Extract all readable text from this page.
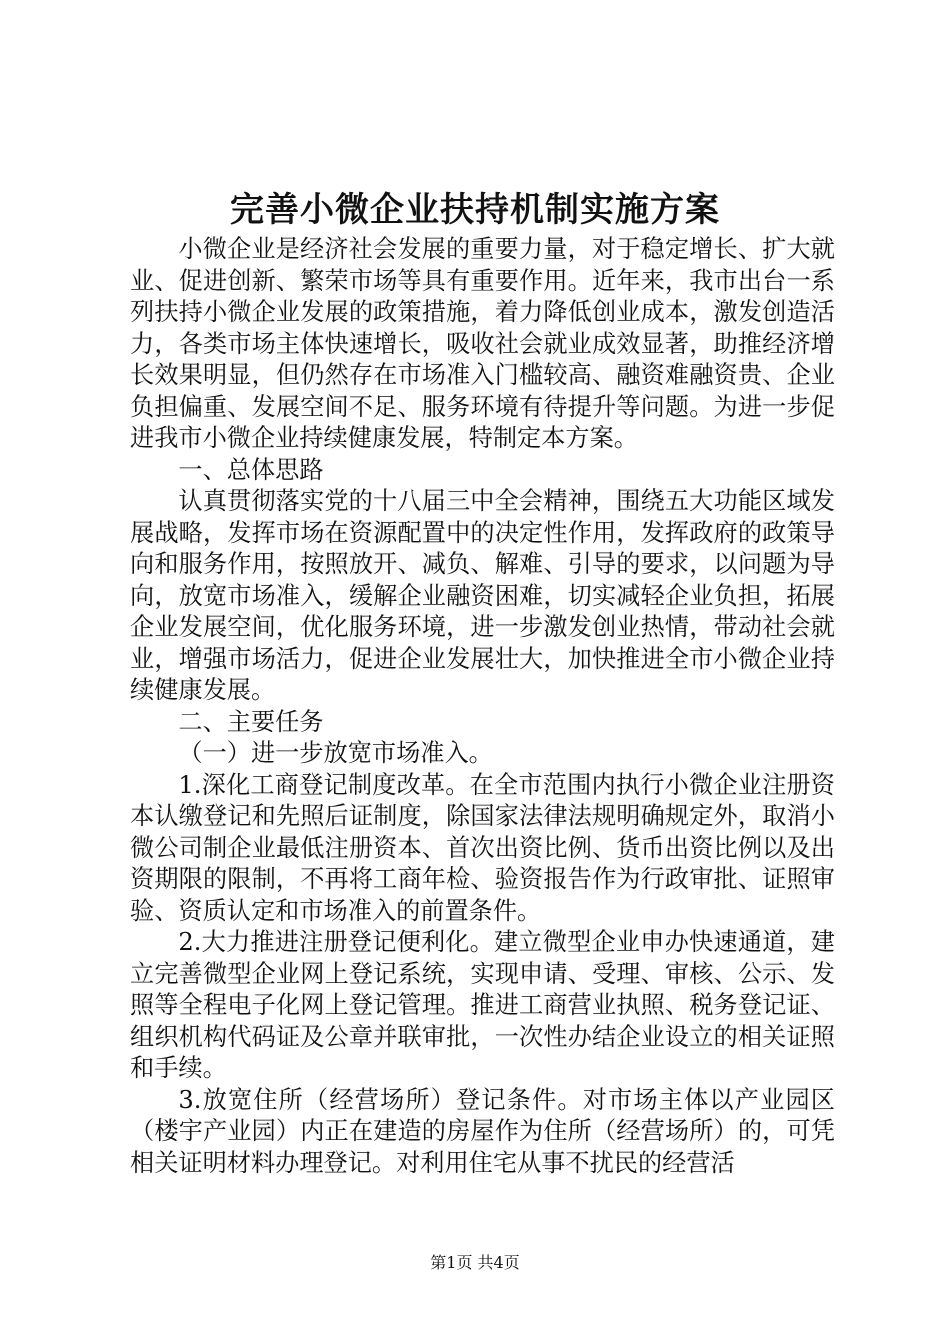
完善小微企业扶持机制实施方案

小微企业是经济社会发展的重要力量，对于稳定增长、扩大就业、促进创新、繁荣市场等具有重要作用。近年来，我市出台一系列扶持小微企业发展的政策措施，着力降低创业成本，激发创造活力，各类市场主体快速增长，吸收社会就业成效显著，助推经济增长效果明显，但仍然存在市场准入门槛较高、融资难融资贵、企业负担偏重、发展空间不足、服务环境有待提升等问题。为进一步促进我市小微企业持续健康发展，特制定本方案。

一、总体思路

认真贯彻落实党的十八届三中全会精神，围绕五大功能区域发展战略，发挥市场在资源配置中的决定性作用，发挥政府的政策导向和服务作用，按照放开、减负、解难、引导的要求，以问题为导向，放宽市场准入，缓解企业融资困难，切实减轻企业负担，拓展企业发展空间，优化服务环境，进一步激发创业热情，带动社会就业，增强市场活力，促进企业发展壮大，加快推进全市小微企业持续健康发展。

二、主要任务

（一）进一步放宽市场准入。

1.深化工商登记制度改革。在全市范围内执行小微企业注册资本认缴登记和先照后证制度，除国家法律法规明确规定外，取消小微公司制企业最低注册资本、首次出资比例、货币出资比例以及出资期限的限制，不再将工商年检、验资报告作为行政审批、证照审验、资质认定和市场准入的前置条件。

2.大力推进注册登记便利化。建立微型企业申办快速通道，建立完善微型企业网上登记系统，实现申请、受理、审核、公示、发照等全程电子化网上登记管理。推进工商营业执照、税务登记证、组织机构代码证及公章并联审批，一次性办结企业设立的相关证照和手续。

3.放宽住所（经营场所）登记条件。对市场主体以产业园区（楼宇产业园）内正在建造的房屋作为住所（经营场所）的，可凭相关证明材料办理登记。对利用住宅从事不扰民的经营活

第1页 共4页
